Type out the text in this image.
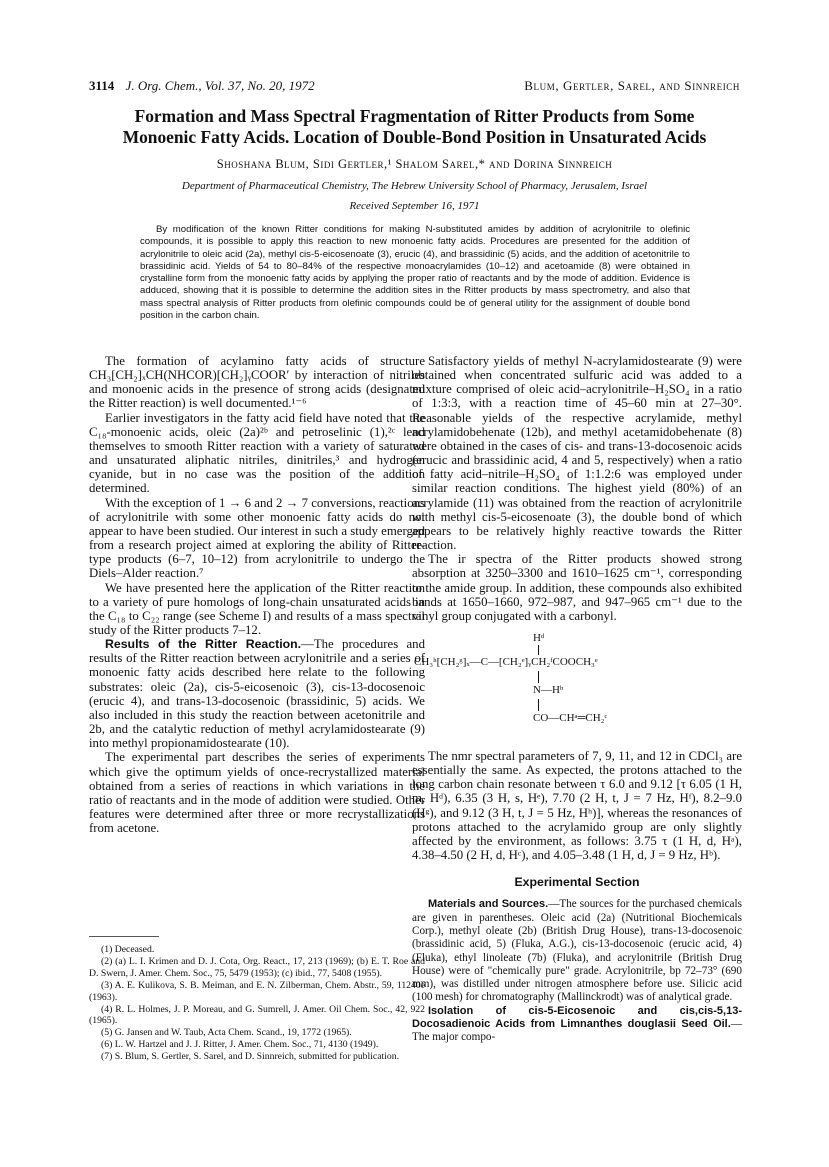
3114 J. Org. Chem., Vol. 37, No. 20, 1972	Blum, Gertler, Sarel, and Sinnreich
Formation and Mass Spectral Fragmentation of Ritter Products from Some
Monoenic Fatty Acids. Location of Double-Bond Position in Unsaturated Acids
Shoshana Blum, Sidi Gertler,¹ Shalom Sarel,* and Dorina Sinnreich
Department of Pharmaceutical Chemistry, The Hebrew University School of Pharmacy, Jerusalem, Israel
Received September 16, 1971

By modification of the known Ritter conditions for making N-substituted amides by addition of acrylonitrile to olefinic compounds, it is possible to apply this reaction to new monoenic fatty acids. Procedures are presented for the addition of acrylonitrile to oleic acid (2a), methyl cis-5-eicosenoate (3), erucic (4), and brassidinic (5) acids, and the addition of acetonitrile to brassidinic acid. Yields of 54 to 80–84% of the respective monoacrylamides (10–12) and acetoamide (8) were obtained in crystalline form from the monoenic fatty acids by applying the proper ratio of reactants and by the mode of addition. Evidence is adduced, showing that it is possible to determine the addition sites in the Ritter products by mass spectrometry, and also that mass spectral analysis of Ritter products from olefinic compounds could be of general utility for the assignment of double bond position in the carbon chain.

The formation of acylamino fatty acids of structure CH₃[CH₂]ₓCH(NHCOR)[CH₂]ᵧCOOR′ by interaction of nitriles and monoenic acids in the presence of strong acids (designated the Ritter reaction) is well documented.¹⁻⁶

Earlier investigators in the fatty acid field have noted that the C₁₈-monoenic acids, oleic (2a)²ᵇ and petroselinic (1),²ᶜ lend themselves to smooth Ritter reaction with a variety of saturated and unsaturated aliphatic nitriles, dinitriles,³ and hydrogen cyanide, but in no case was the position of the addition determined.

With the exception of 1 → 6 and 2 → 7 conversions, reactions of acrylonitrile with some other monoenic fatty acids do not appear to have been studied. Our interest in such a study emerged from a research project aimed at exploring the ability of Ritter-type products (6–7, 10–12) from acrylonitrile to undergo the Diels–Alder reaction.⁷

We have presented here the application of the Ritter reaction to a variety of pure homologs of long-chain unsaturated acids in the C₁₈ to C₂₂ range (see Scheme I) and results of a mass spectral study of the Ritter products 7–12.

Results of the Ritter Reaction.—The procedures and results of the Ritter reaction between acrylonitrile and a series of monoenic fatty acids described here relate to the following substrates: oleic (2a), cis-5-eicosenoic (3), cis-13-docosenoic (erucic 4), and trans-13-docosenoic (brassidinic, 5) acids. We also included in this study the reaction between acetonitrile and 2b, and the catalytic reduction of methyl acrylamidostearate (9) into methyl propionamidostearate (10).

The experimental part describes the series of experiments which give the optimum yields of once-recrystallized material obtained from a series of reactions in which variations in the ratio of reactants and in the mode of addition were studied. Other features were determined after three or more recrystallizations from acetone.

(1) Deceased.
(2) (a) L. I. Krimen and D. J. Cota, Org. React., 17, 213 (1969); (b) E. T. Roe and D. Swern, J. Amer. Chem. Soc., 75, 5479 (1953); (c) ibid., 77, 5408 (1955).
(3) A. E. Kulikova, S. B. Meiman, and E. N. Zilberman, Chem. Abstr., 59, 11240e (1963).
(4) R. L. Holmes, J. P. Moreau, and G. Sumrell, J. Amer. Oil Chem. Soc., 42, 922 (1965).
(5) G. Jansen and W. Taub, Acta Chem. Scand., 19, 1772 (1965).
(6) L. W. Hartzel and J. J. Ritter, J. Amer. Chem. Soc., 71, 4130 (1949).
(7) S. Blum, S. Gertler, S. Sarel, and D. Sinnreich, submitted for publication.

Satisfactory yields of methyl N-acrylamidostearate (9) were obtained when concentrated sulfuric acid was added to a mixture comprised of oleic acid–acrylonitrile–H₂SO₄ in a ratio of 1:3:3, with a reaction time of 45–60 min at 27–30°. Reasonable yields of the respective acrylamide, methyl acrylamidobehenate (12b), and methyl acetamidobehenate (8) were obtained in the cases of cis- and trans-13-docosenoic acids (erucic and brassidinic acid, 4 and 5, respectively) when a ratio of fatty acid–nitrile–H₂SO₄ of 1:1.2:6 was employed under similar reaction conditions. The highest yield (80%) of an acrylamide (11) was obtained from the reaction of acrylonitrile with methyl cis-5-eicosenoate (3), the double bond of which appears to be relatively highly reactive towards the Ritter reaction.

The ir spectra of the Ritter products showed strong absorption at 3250–3300 and 1610–1625 cm⁻¹, corresponding to the amide group. In addition, these compounds also exhibited bands at 1650–1660, 972–987, and 947–965 cm⁻¹ due to the vinyl group conjugated with a carbonyl.

Hᵈ
CH₃ʰ[CH₂ᵍ]ₓ—C—[CH₂ᵉ]ᵧCH₂ᶠCOOCH₃ᵉ
N—Hᵇ
CO—CHᵃ═CH₂ᶜ

The nmr spectral parameters of 7, 9, 11, and 12 in CDCl₃ are essentially the same. As expected, the protons attached to the long carbon chain resonate between τ 6.0 and 9.12 [τ 6.05 (1 H, m, Hᵈ), 6.35 (3 H, s, Hᵉ), 7.70 (2 H, t, J = 7 Hz, Hᶠ), 8.2–9.0 (Hᵍ), and 9.12 (3 H, t, J = 5 Hz, Hʰ)], whereas the resonances of protons attached to the acrylamido group are only slightly affected by the environment, as follows: 3.75 τ (1 H, d, Hᵃ), 4.38–4.50 (2 H, d, Hᶜ), and 4.05–3.48 (1 H, d, J = 9 Hz, Hᵇ).

Experimental Section

Materials and Sources.—The sources for the purchased chemicals are given in parentheses. Oleic acid (2a) (Nutritional Biochemicals Corp.), methyl oleate (2b) (British Drug House), trans-13-docosenoic (brassidinic acid, 5) (Fluka, A.G.), cis-13-docosenoic (erucic acid, 4) (Fluka), ethyl linoleate (7b) (Fluka), and acrylonitrile (British Drug House) were of "chemically pure" grade. Acrylonitrile, bp 72–73° (690 mm), was distilled under nitrogen atmosphere before use. Silicic acid (100 mesh) for chromatography (Mallinckrodt) was of analytical grade.

Isolation of cis-5-Eicosenoic and cis,cis-5,13-Docosadienoic Acids from Limnanthes douglasii Seed Oil.—The major compo-
